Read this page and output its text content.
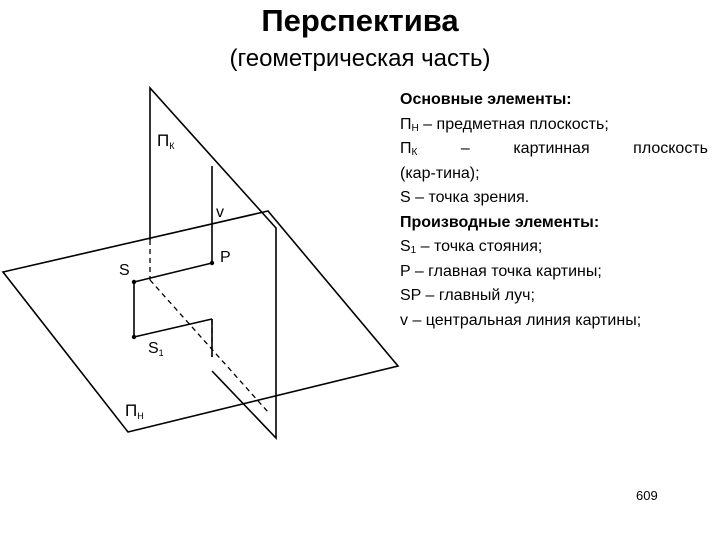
Перспектива
(геометрическая часть)
ПК
v
S
P
S1
ПН
Основные элементы:
$П_Н$ – предметная плоскость;
$П_К$ – картинная плоскость
(кар-тина);
S – точка зрения.
Производные элементы:
$S_1$ – точка стояния;
P – главная точка картины;
SP – главный луч;
v – центральная линия картины;
609
